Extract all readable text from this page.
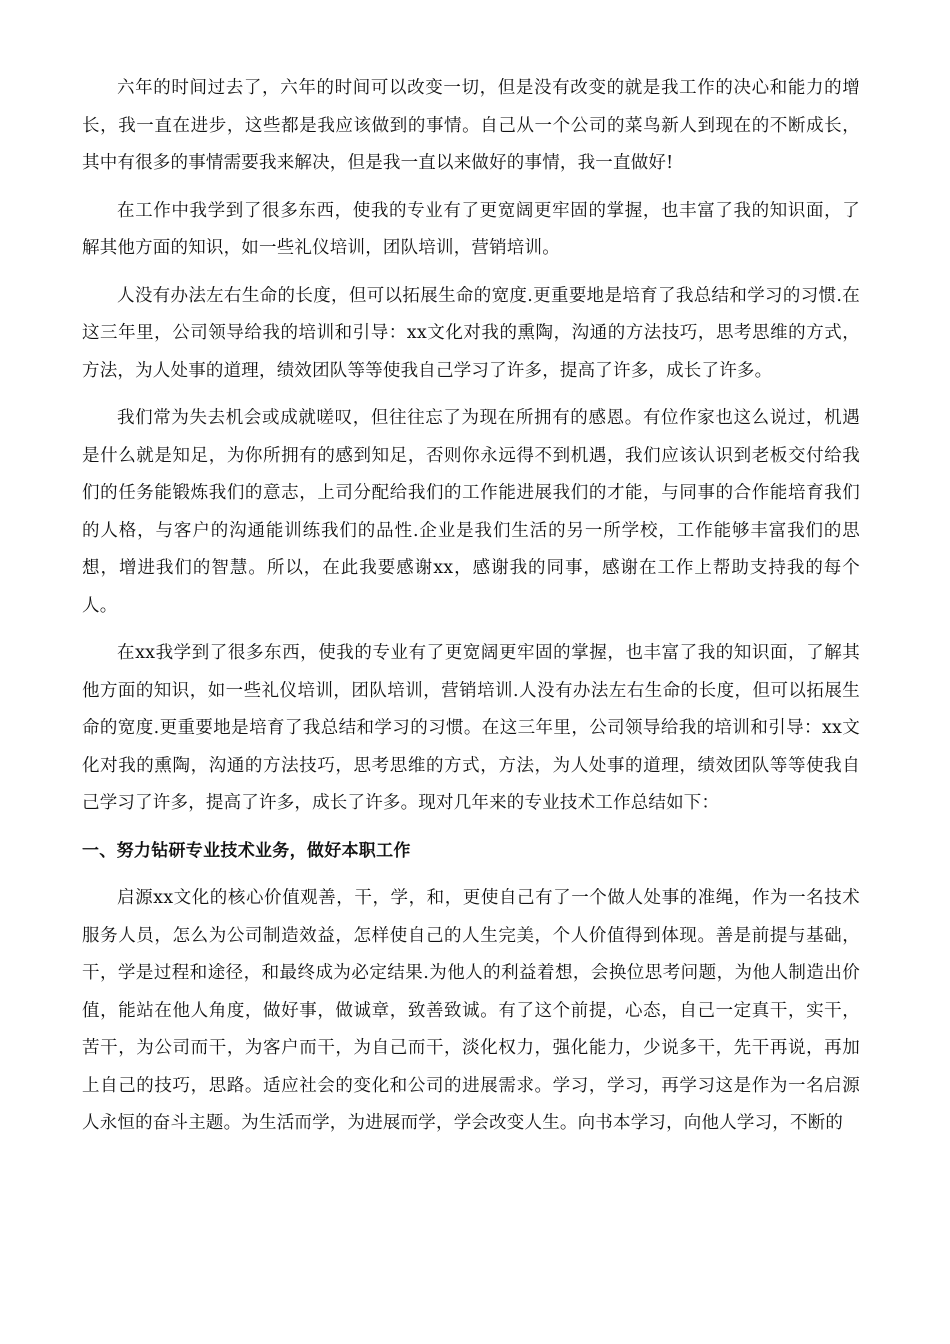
六年的时间过去了，六年的时间可以改变一切，但是没有改变的就是我工作的决心和能力的增长，我一直在进步，这些都是我应该做到的事情。自己从一个公司的菜鸟新人到现在的不断成长，其中有很多的事情需要我来解决，但是我一直以来做好的事情，我一直做好!

在工作中我学到了很多东西，使我的专业有了更宽阔更牢固的掌握，也丰富了我的知识面，了解其他方面的知识，如一些礼仪培训，团队培训，营销培训。

人没有办法左右生命的长度，但可以拓展生命的宽度.更重要地是培育了我总结和学习的习惯.在这三年里，公司领导给我的培训和引导：xx文化对我的熏陶，沟通的方法技巧，思考思维的方式，方法，为人处事的道理，绩效团队等等使我自己学习了许多，提高了许多，成长了许多。

我们常为失去机会或成就嗟叹，但往往忘了为现在所拥有的感恩。有位作家也这么说过，机遇是什么就是知足，为你所拥有的感到知足，否则你永远得不到机遇，我们应该认识到老板交付给我们的任务能锻炼我们的意志，上司分配给我们的工作能进展我们的才能，与同事的合作能培育我们的人格，与客户的沟通能训练我们的品性.企业是我们生活的另一所学校，工作能够丰富我们的思想，增进我们的智慧。所以，在此我要感谢xx，感谢我的同事，感谢在工作上帮助支持我的每个人。

在xx我学到了很多东西，使我的专业有了更宽阔更牢固的掌握，也丰富了我的知识面，了解其他方面的知识，如一些礼仪培训，团队培训，营销培训.人没有办法左右生命的长度，但可以拓展生命的宽度.更重要地是培育了我总结和学习的习惯。在这三年里，公司领导给我的培训和引导：xx文化对我的熏陶，沟通的方法技巧，思考思维的方式，方法，为人处事的道理，绩效团队等等使我自己学习了许多，提高了许多，成长了许多。现对几年来的专业技术工作总结如下：

一、努力钻研专业技术业务，做好本职工作

启源xx文化的核心价值观善，干，学，和，更使自己有了一个做人处事的准绳，作为一名技术服务人员，怎么为公司制造效益，怎样使自己的人生完美，个人价值得到体现。善是前提与基础，干，学是过程和途径，和最终成为必定结果.为他人的利益着想，会换位思考问题，为他人制造出价值，能站在他人角度，做好事，做诚章，致善致诚。有了这个前提，心态，自己一定真干，实干，苦干，为公司而干，为客户而干，为自己而干，淡化权力，强化能力，少说多干，先干再说，再加上自己的技巧，思路。适应社会的变化和公司的进展需求。学习，学习，再学习这是作为一名启源人永恒的奋斗主题。为生活而学，为进展而学，学会改变人生。向书本学习，向他人学习，不断的
